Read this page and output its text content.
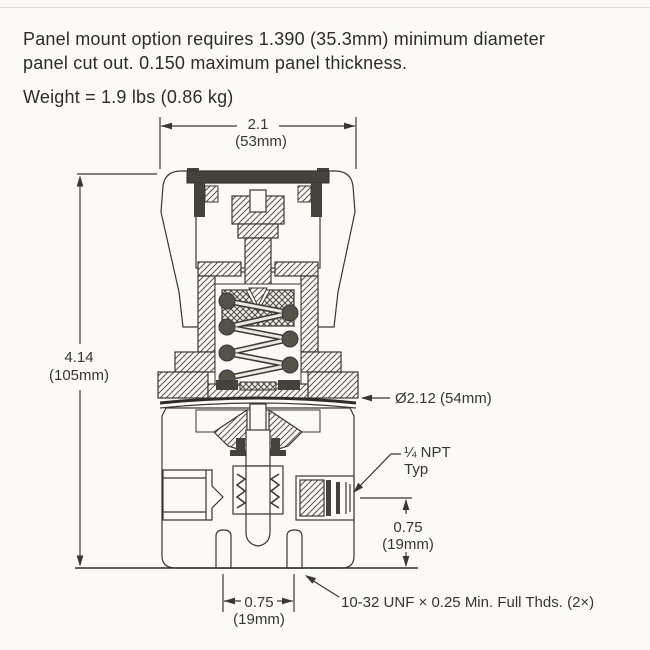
Panel mount option requires 1.390 (35.3mm) minimum diameter
panel cut out. 0.150 maximum panel thickness.
Weight = 1.9 lbs (0.86 kg)
2.1
(53mm)
4.14
(105mm)
Ø2.12 (54mm)
¼ NPT
Typ
0.75
(19mm)
0.75
(19mm)
10-32 UNF × 0.25 Min. Full Thds. (2×)
